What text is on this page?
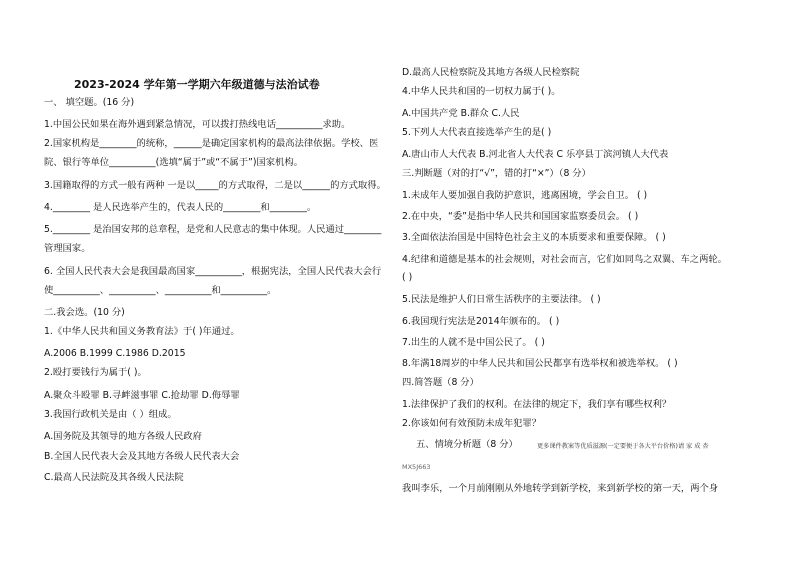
2023-2024 学年第一学期六年级道德与法治试卷
一、 填空题。(16 分)
1.中国公民如果在海外遇到紧急情况，可以拨打热线电话__________求助。
2.国家机构是________的统称，______是确定国家机构的最高法律依据。学校、医
院、银行等单位__________(选填“属于”或“不属于”)国家机构。
3.国籍取得的方式一般有两种 一是以_____的方式取得，二是以______的方式取得。
4.________ 是人民选举产生的，代表人民的________和________。
5.________ 是治国安邦的总章程，是党和人民意志的集中体现。人民通过________
管理国家。
6. 全国人民代表大会是我国最高国家__________，根据宪法，全国人民代表大会行
使__________、__________、__________和__________。
二.我会选。(10 分)
1.《中华人民共和国义务教育法》于( )年通过。
A.2006 B.1999 C.1986 D.2015
2.殴打要钱行为属于( )。
A.聚众斗殴罪 B.寻衅滋事罪 C.抢劫罪 D.侮辱罪
3.我国行政机关是由（ ）组成。
A.国务院及其领导的地方各级人民政府
B.全国人民代表大会及其地方各级人民代表大会
C.最高人民法院及其各级人民法院
D.最高人民检察院及其地方各级人民检察院
4.中华人民共和国的一切权力属于( )。
A.中国共产党 B.群众 C.人民
5.下列人大代表直接选举产生的是( )
A.唐山市人大代表 B.河北省人大代表 C 乐亭县丁滨河镇人大代表
三.判断题（对的打“√”，错的打“×”）（8 分）
1.未成年人要加强自我防护意识，逃离困境，学会自卫。 ( )
2.在中央，“委”是指中华人民共和国国家监察委员会。 ( )
3.全面依法治国是中国特色社会主义的本质要求和重要保障。 ( )
4.纪律和道德是基本的社会规则，对社会而言，它们如同鸟之双翼、车之两轮。
( )
5.民法是维护人们日常生活秩序的主要法律。 ( )
6.我国现行宪法是2014年颁布的。 ( )
7.出生的人就不是中国公民了。 ( )
8.年满18周岁的中华人民共和国公民都享有选举权和被选举权。 ( )
四.简答题（8 分）
1.法律保护了我们的权利。在法律的规定下，我们享有哪些权利？
2.你该如何有效预防未成年犯罪？
五、情境分析题（8 分）	更多课件教案等优质滋源(一定要便于各大平台价格)请 家 成 杏
MX5J663
我叫李乐，一个月前刚刚从外地转学到新学校，来到新学校的第一天，两个身
